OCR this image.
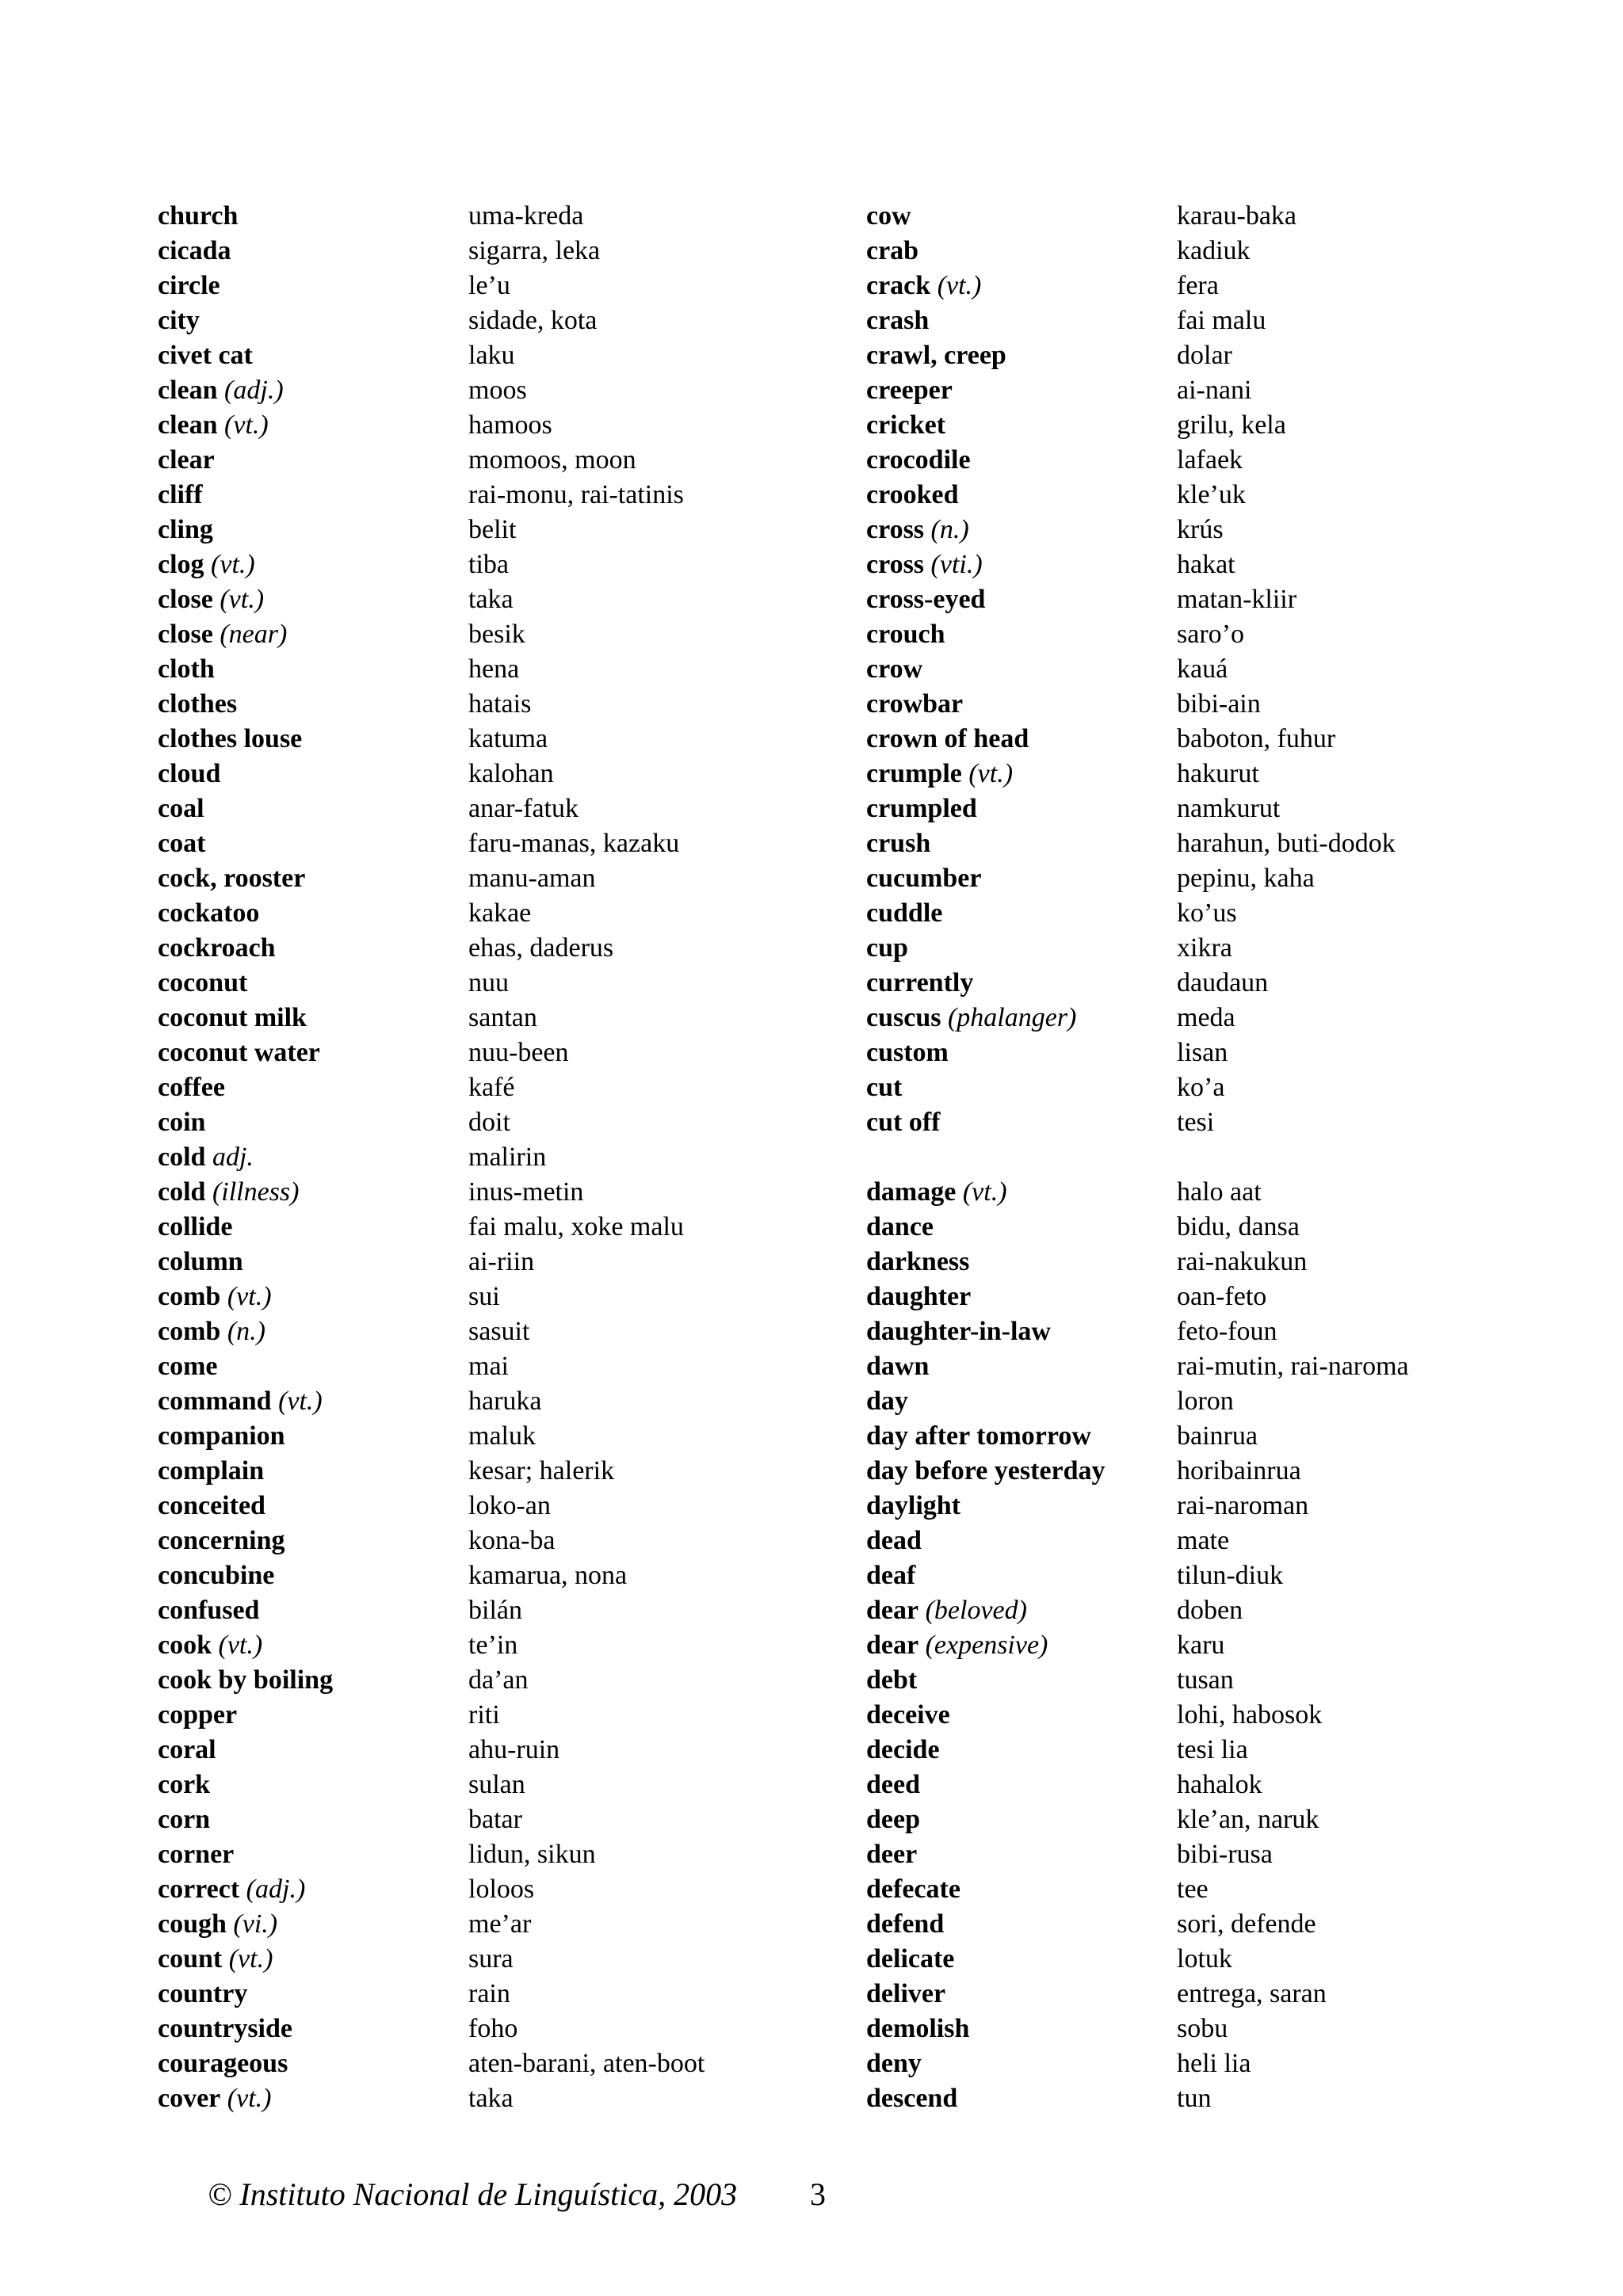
church	uma-kreda
cicada	sigarra, leka
circle	le’u
city	sidade, kota
civet cat	laku
clean (adj.)	moos
clean (vt.)	hamoos
clear	momoos, moon
cliff	rai-monu, rai-tatinis
cling	belit
clog (vt.)	tiba
close (vt.)	taka
close (near)	besik
cloth	hena
clothes	hatais
clothes louse	katuma
cloud	kalohan
coal	anar-fatuk
coat	faru-manas, kazaku
cock, rooster	manu-aman
cockatoo	kakae
cockroach	ehas, daderus
coconut	nuu
coconut milk	santan
coconut water	nuu-been
coffee	kafé
coin	doit
cold adj.	malirin
cold (illness)	inus-metin
collide	fai malu, xoke malu
column	ai-riin
comb (vt.)	sui
comb (n.)	sasuit
come	mai
command (vt.)	haruka
companion	maluk
complain	kesar; halerik
conceited	loko-an
concerning	kona-ba
concubine	kamarua, nona
confused	bilán
cook (vt.)	te’in
cook by boiling	da’an
copper	riti
coral	ahu-ruin
cork	sulan
corn	batar
corner	lidun, sikun
correct (adj.)	loloos
cough (vi.)	me’ar
count (vt.)	sura
country	rain
countryside	foho
courageous	aten-barani, aten-boot
cover (vt.)	taka
cow	karau-baka
crab	kadiuk
crack (vt.)	fera
crash	fai malu
crawl, creep	dolar
creeper	ai-nani
cricket	grilu, kela
crocodile	lafaek
crooked	kle’uk
cross (n.)	krús
cross (vti.)	hakat
cross-eyed	matan-kliir
crouch	saro’o
crow	kauá
crowbar	bibi-ain
crown of head	baboton, fuhur
crumple (vt.)	hakurut
crumpled	namkurut
crush	harahun, buti-dodok
cucumber	pepinu, kaha
cuddle	ko’us
cup	xikra
currently	daudaun
cuscus (phalanger)	meda
custom	lisan
cut	ko’a
cut off	tesi
damage (vt.)	halo aat
dance	bidu, dansa
darkness	rai-nakukun
daughter	oan-feto
daughter-in-law	feto-foun
dawn	rai-mutin, rai-naroma
day	loron
day after tomorrow	bainrua
day before yesterday	horibainrua
daylight	rai-naroman
dead	mate
deaf	tilun-diuk
dear (beloved)	doben
dear (expensive)	karu
debt	tusan
deceive	lohi, habosok
decide	tesi lia
deed	hahalok
deep	kle’an, naruk
deer	bibi-rusa
defecate	tee
defend	sori, defende
delicate	lotuk
deliver	entrega, saran
demolish	sobu
deny	heli lia
descend	tun
© Instituto Nacional de Linguística, 2003 3
